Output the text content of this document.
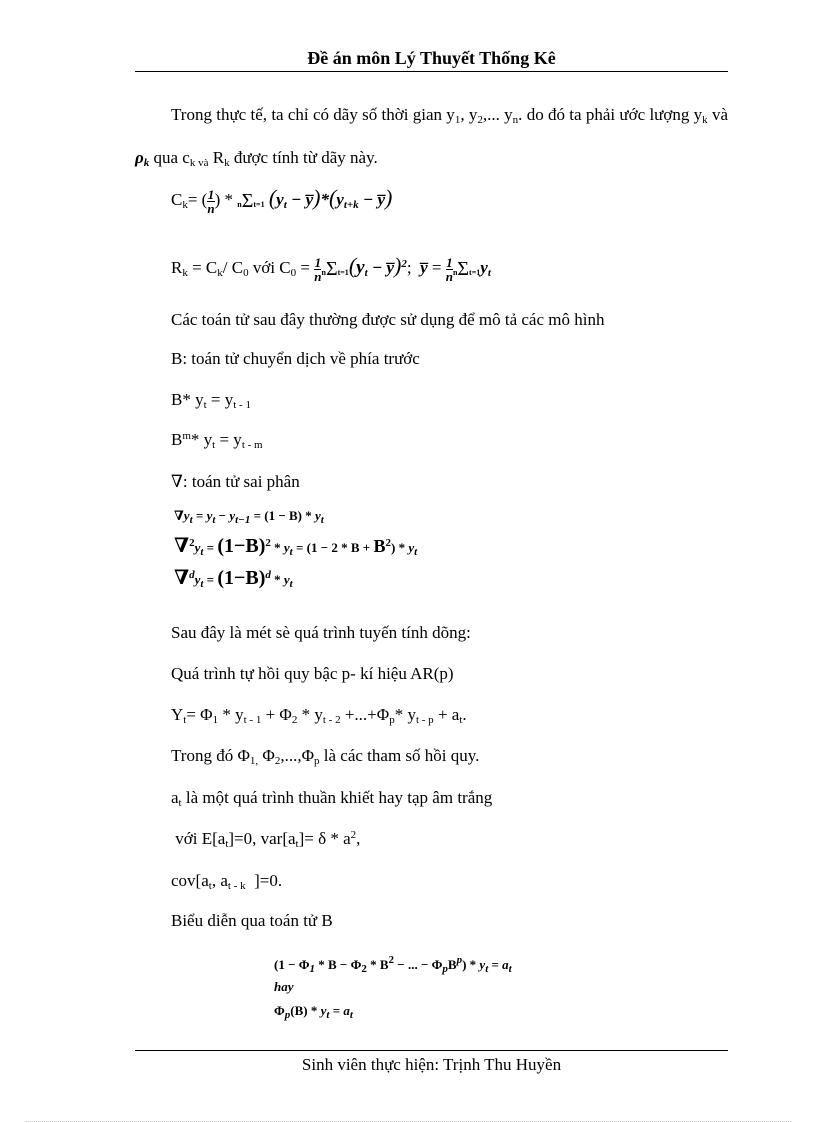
Đề án môn Lý Thuyết Thống Kê
Trong thực tế, ta chỉ có dãy số thời gian $y_1$, $y_2$,... $y_n$. do đó ta phải ước lượng $y_k$ và $\rho_k$ qua $c_{k và}$ $R_k$ được tính từ dãy này.
$C_k=$ ( $\frac{1}{n}$ ) * nΣt=1 ($y_t$ − $y̅)*(y_{t+k}$ − y̅)
$R_k = C_k/$ $C_0$ với $C_0 = \frac{1}{n} n\Sigma t=1(y_t$ − y̅)$^2$;  y̅ = $\frac{1}{n} n\Sigma t=1y_t$
Các toán tử sau đây thường được sử dụng để mô tả các mô hình
B: toán tử chuyển dịch về phía trước
B* $y_t = y_{t - 1}$
$B^m*$ $y_t = y_{t - m}$
∇: toán tử sai phân
$\nabla y_t = y_t - y_{t-1} = (1 - B) * y_t$
$\nabla^2y_t = (1-B)^2 * y_t = (1 - 2 * B + B^2) * y_t$
$\nabla^dy_t = (1-B)^d * y_t$
Sau đây là mét sè quá trình tuyến tính dõng:
Quá trình tự hồi quy bậc p- kí hiệu AR(p)
$Y_t= \Phi_1 * y_{t - 1} + \Phi_2 * y_{t - 2} +...+\Phi_p*$ $y_{t - p} + a_t$.
Trong đó $\Phi_{1,}$ $\Phi_2,...,\Phi_p$ là các tham số hồi quy.
$a_t$ là một quá trình thuần khiết hay tạp âm trắng
với $E[a_t]=0$, $var[a_t]= \delta * a^2$,
$cov[a_t$, $a_{t - k}$  ]=0.
Biểu diễn qua toán tử B
($1 - \Phi_1 * B - \Phi_2 * B^2$ − ... − $\Phi_pB^p) * y_t = a_t$
hay
$\Phi_p(B) * y_t = a_t$
Sinh viên thực hiện: Trịnh Thu Huyền
